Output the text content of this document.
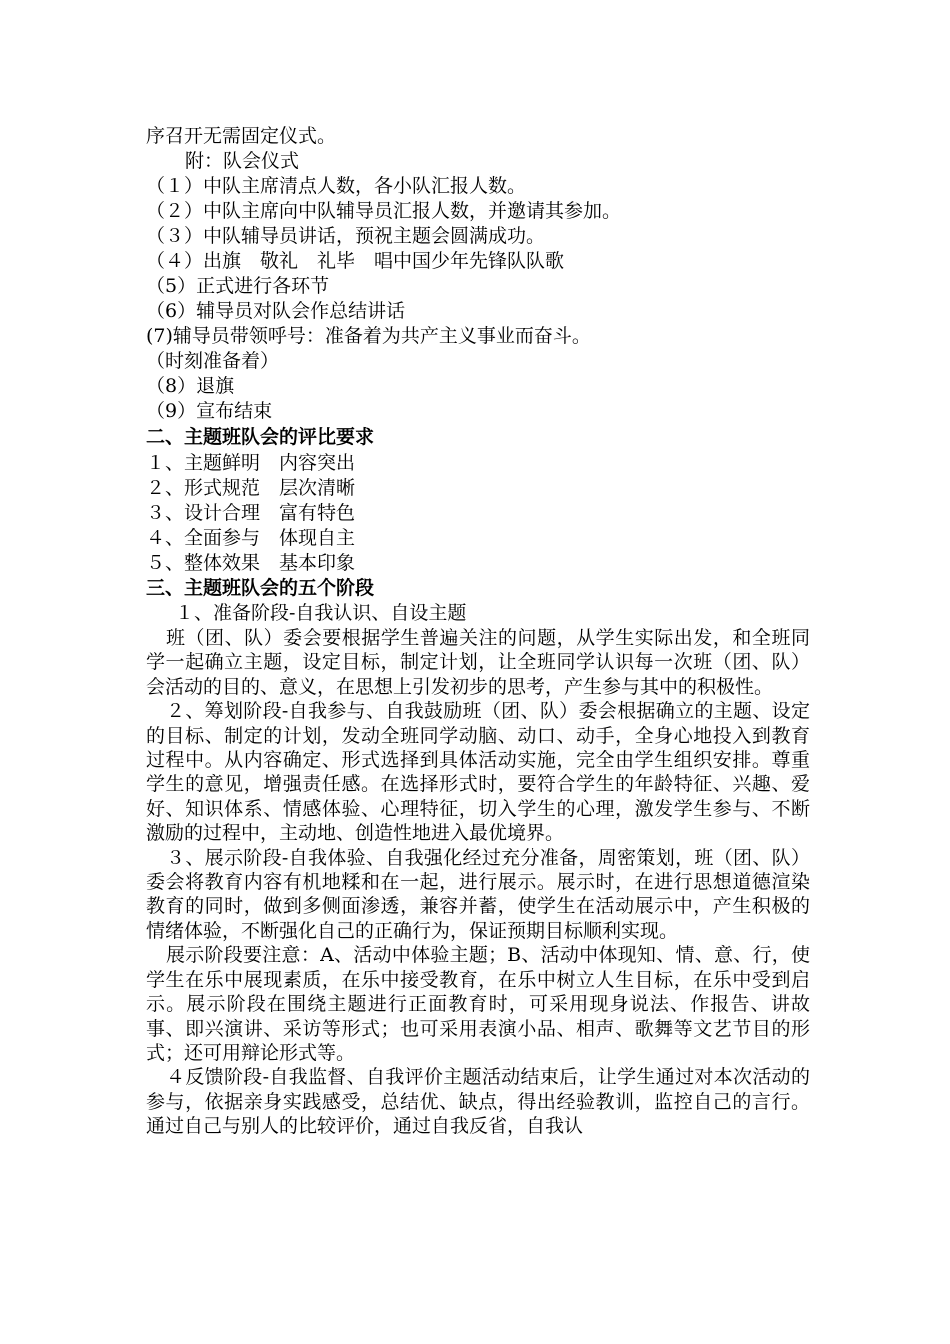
序召开无需固定仪式。
附：队会仪式
（１）中队主席清点人数，各小队汇报人数。
（２）中队主席向中队辅导员汇报人数，并邀请其参加。
（３）中队辅导员讲话，预祝主题会圆满成功。
（４）出旗　敬礼　礼毕　唱中国少年先锋队队歌
（5）正式进行各环节
（6）辅导员对队会作总结讲话
(7)辅导员带领呼号：准备着为共产主义事业而奋斗。
（时刻准备着）
（8）退旗
（9）宣布结束
二、主题班队会的评比要求
１、主题鲜明　内容突出
２、形式规范　层次清晰
３、设计合理　富有特色
４、全面参与　体现自主
５、整体效果　基本印象
三、主题班队会的五个阶段
１、准备阶段-自我认识、自设主题

班（团、队）委会要根据学生普遍关注的问题，从学生实际出发，和全班同学一起确立主题，设定目标，制定计划，让全班同学认识每一次班（团、队）会活动的目的、意义，在思想上引发初步的思考，产生参与其中的积极性。

２、筹划阶段-自我参与、自我鼓励班（团、队）委会根据确立的主题、设定的目标、制定的计划，发动全班同学动脑、动口、动手，全身心地投入到教育过程中。从内容确定、形式选择到具体活动实施，完全由学生组织安排。尊重学生的意见，增强责任感。在选择形式时，要符合学生的年龄特征、兴趣、爱好、知识体系、情感体验、心理特征，切入学生的心理，激发学生参与、不断激励的过程中，主动地、创造性地进入最优境界。

３、展示阶段-自我体验、自我强化经过充分准备，周密策划，班（团、队）委会将教育内容有机地糅和在一起，进行展示。展示时，在进行思想道德渲染教育的同时，做到多侧面渗透，兼容并蓄，使学生在活动展示中，产生积极的情绪体验，不断强化自己的正确行为，保证预期目标顺利实现。

展示阶段要注意：A、活动中体验主题；B、活动中体现知、情、意、行，使学生在乐中展现素质，在乐中接受教育，在乐中树立人生目标，在乐中受到启示。展示阶段在围绕主题进行正面教育时，可采用现身说法、作报告、讲故事、即兴演讲、采访等形式；也可采用表演小品、相声、歌舞等文艺节目的形式；还可用辩论形式等。

４反馈阶段-自我监督、自我评价主题活动结束后，让学生通过对本次活动的参与，依据亲身实践感受，总结优、缺点，得出经验教训，监控自己的言行。通过自己与别人的比较评价，通过自我反省，自我认
